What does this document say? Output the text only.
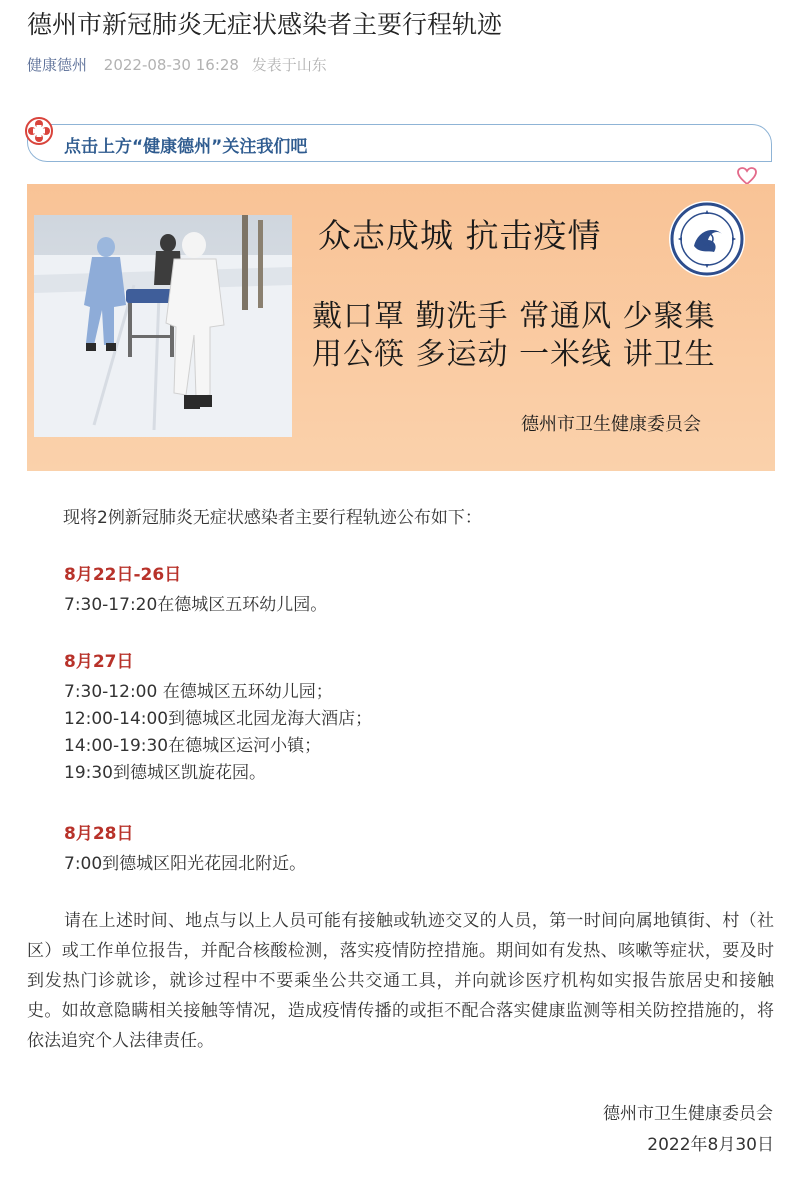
德州市新冠肺炎无症状感染者主要行程轨迹
健康德州 2022-08-30 16:28 发表于山东
点击上方“健康德州”关注我们吧
众志成城 抗击疫情
戴口罩 勤洗手 常通风 少聚集
用公筷 多运动 一米线 讲卫生
德州市卫生健康委员会
现将2例新冠肺炎无症状感染者主要行程轨迹公布如下：
8月22日-26日
7:30-17:20在德城区五环幼儿园。
8月27日
7:30-12:00 在德城区五环幼儿园；
12:00-14:00到德城区北园龙海大酒店；
14:00-19:30在德城区运河小镇；
19:30到德城区凯旋花园。
8月28日
7:00到德城区阳光花园北附近。

请在上述时间、地点与以上人员可能有接触或轨迹交叉的人员，第一时间向属地镇街、村（社区）或工作单位报告，并配合核酸检测，落实疫情防控措施。期间如有发热、咳嗽等症状，要及时到发热门诊就诊，就诊过程中不要乘坐公共交通工具，并向就诊医疗机构如实报告旅居史和接触史。如故意隐瞒相关接触等情况，造成疫情传播的或拒不配合落实健康监测等相关防控措施的，将依法追究个人法律责任。

德州市卫生健康委员会
2022年8月30日
